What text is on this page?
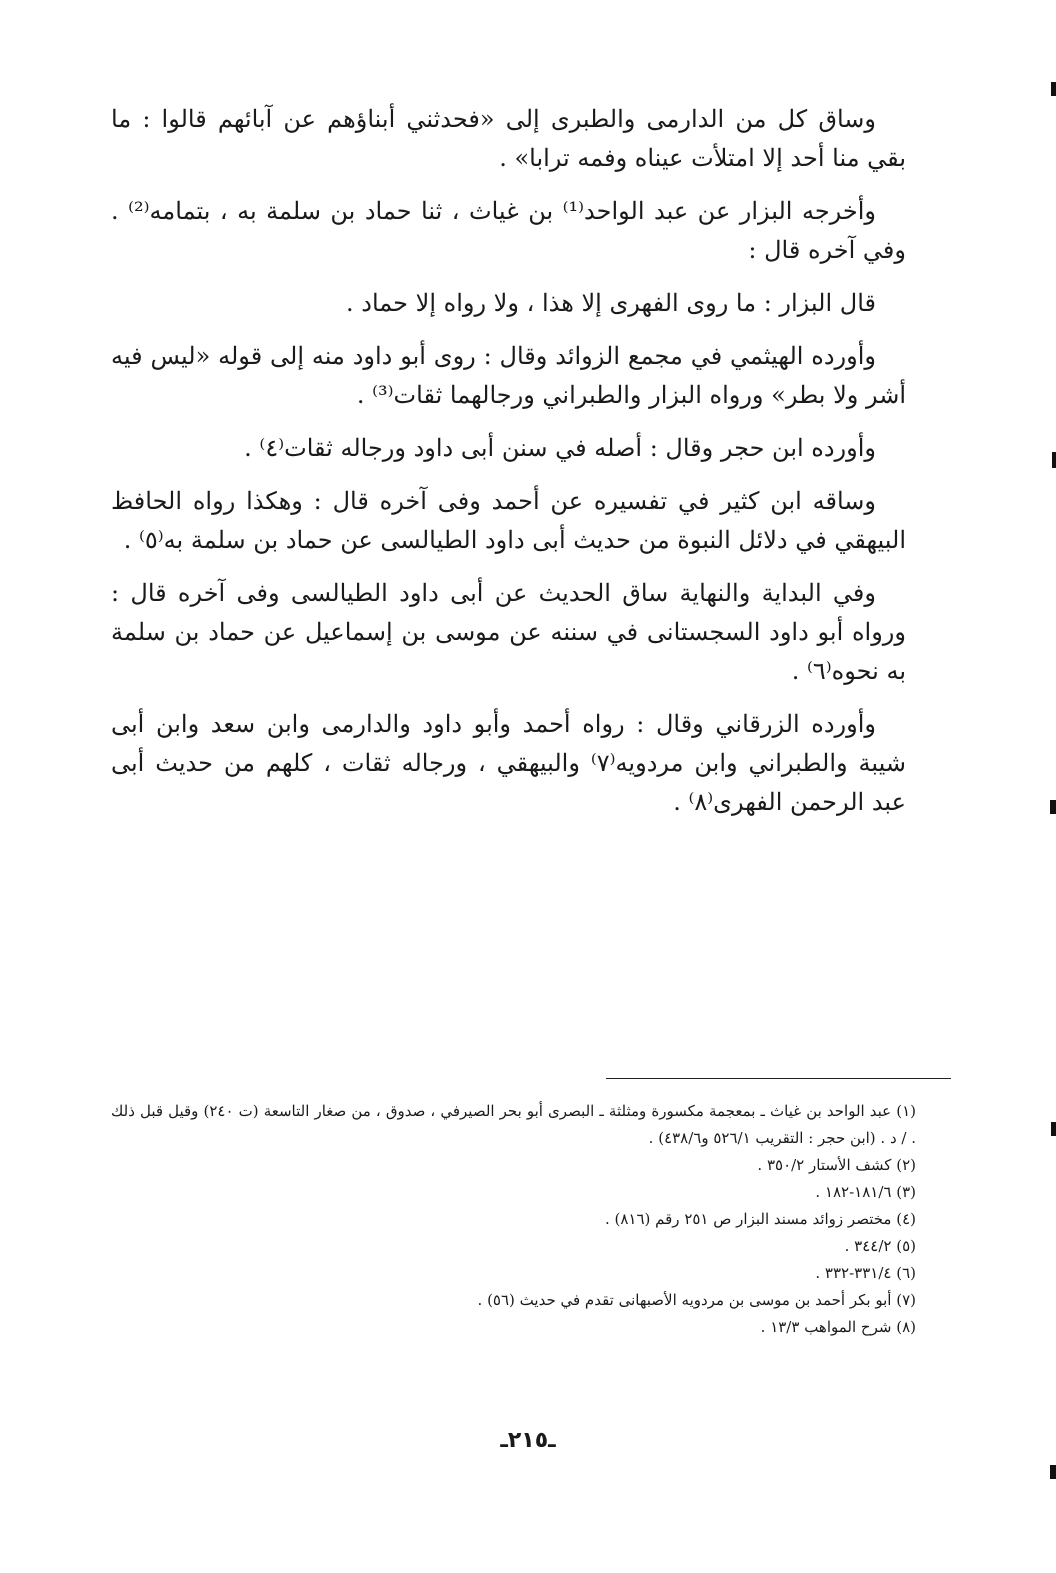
وساق كل من الدارمى والطبرى إلى «فحدثني أبناؤهم عن آبائهم قالوا : ما بقي منا أحد إلا امتلأت عيناه وفمه ترابا» .

وأخرجه البزار عن عبد الواحد⁽¹⁾ بن غياث ، ثنا حماد بن سلمة به ، بتمامه⁽²⁾ . وفي آخره قال :

قال البزار : ما روى الفهرى إلا هذا ، ولا رواه إلا حماد .

وأورده الهيثمي في مجمع الزوائد وقال : روى أبو داود منه إلى قوله «ليس فيه أشر ولا بطر» ورواه البزار والطبراني ورجالهما ثقات⁽³⁾ .

وأورده ابن حجر وقال : أصله في سنن أبى داود ورجاله ثقات⁽٤⁾ .

وساقه ابن كثير في تفسيره عن أحمد وفى آخره قال : وهكذا رواه الحافظ البيهقي في دلائل النبوة من حديث أبى داود الطيالسى عن حماد بن سلمة به⁽٥⁾ .

وفي البداية والنهاية ساق الحديث عن أبى داود الطيالسى وفى آخره قال : ورواه أبو داود السجستانى في سننه عن موسى بن إسماعيل عن حماد بن سلمة به نحوه⁽٦⁾ .

وأورده الزرقاني وقال : رواه أحمد وأبو داود والدارمى وابن سعد وابن أبى شيبة والطبراني وابن مردويه⁽٧⁾ والبيهقي ، ورجاله ثقات ، كلهم من حديث أبى عبد الرحمن الفهرى⁽٨⁾ .

(١) عبد الواحد بن غياث ـ بمعجمة مكسورة ومثلثة ـ البصرى أبو بحر الصيرفي ، صدوق ، من صغار التاسعة (ت ٢٤٠) وقيل قبل ذلك . / د . (ابن حجر : التقريب ٥٢٦/١ و٤٣٨/٦) .
(٢) كشف الأستار ٣٥٠/٢ .
(٣) ١٨١/٦-١٨٢ .
(٤) مختصر زوائد مسند البزار ص ٢٥١ رقم (٨١٦) .
(٥) ٣٤٤/٢ .
(٦) ٣٣١/٤-٣٣٢ .
(٧) أبو بكر أحمد بن موسى بن مردويه الأصبهانى تقدم في حديث (٥٦) .
(٨) شرح المواهب ١٣/٣ .
ـ٢١٥ـ
